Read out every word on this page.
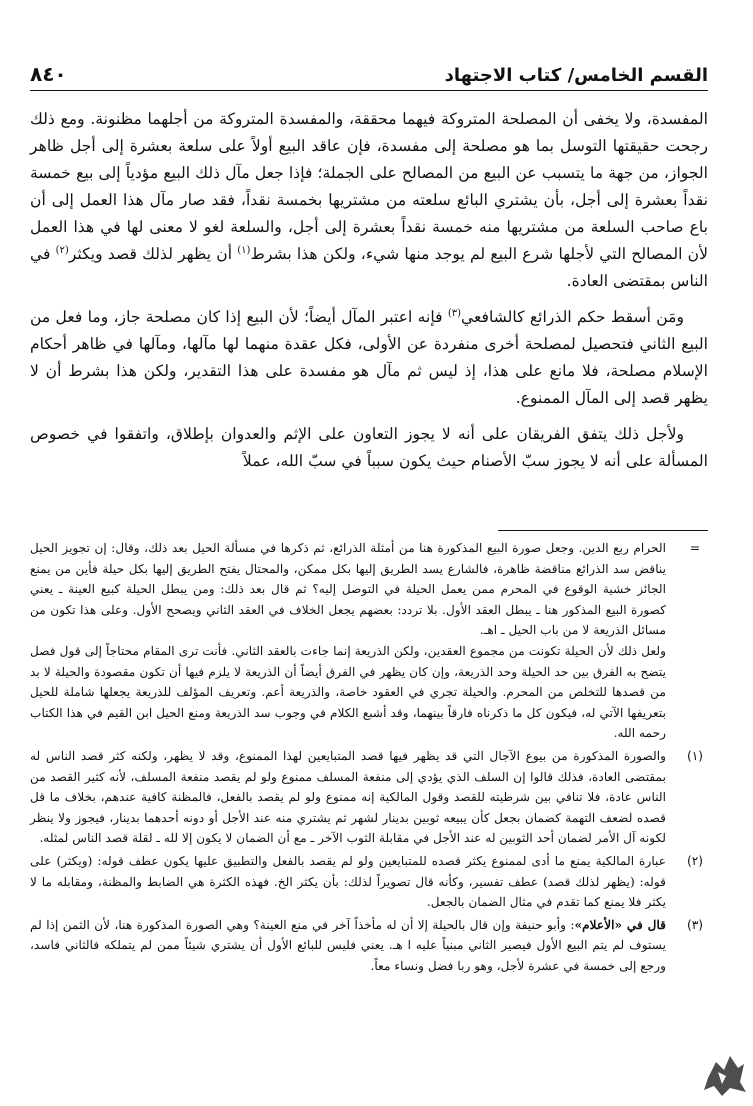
القسم الخامس/ كتاب الاجتهاد
٨٤٠

المفسدة، ولا يخفى أن المصلحة المتروكة فيهما محققة، والمفسدة المتروكة من أجلهما مظنونة. ومع ذلك رجحت حقيقتها التوسل بما هو مصلحة إلى مفسدة، فإن عاقد البيع أولاً على سلعة بعشرة إلى أجل ظاهر الجواز، من جهة ما يتسبب عن البيع من المصالح على الجملة؛ فإذا جعل مآل ذلك البيع مؤدياً إلى بيع خمسة نقداً بعشرة إلى أجل، بأن يشتري البائع سلعته من مشتريها بخمسة نقداً، فقد صار مآل هذا العمل إلى أن باع صاحب السلعة من مشتريها منه خمسة نقداً بعشرة إلى أجل، والسلعة لغو لا معنى لها في هذا العمل لأن المصالح التي لأجلها شرع البيع لم يوجد منها شيء، ولكن هذا بشرط$^{(١)}$ أن يظهر لذلك قصد ويكثر$^{(٢)}$ في الناس بمقتضى العادة.

ومَن أسقط حكم الذرائع كالشافعي$^{(٣)}$ فإنه اعتبر المآل أيضاً؛ لأن البيع إذا كان مصلحة جاز، وما فعل من البيع الثاني فتحصيل لمصلحة أخرى منفردة عن الأولى، فكل عقدة منهما لها مآلها، ومآلها في ظاهر أحكام الإسلام مصلحة، فلا مانع على هذا، إذ ليس ثم مآل هو مفسدة على هذا التقدير، ولكن هذا بشرط أن لا يظهر قصد إلى المآل الممنوع.

ولأجل ذلك يتفق الفريقان على أنه لا يجوز التعاون على الإثم والعدوان بإطلاق، واتفقوا في خصوص المسألة على أنه لا يجوز سبّ الأصنام حيث يكون سبباً في سبّ الله، عملاً

=
الحرام ربع الدين. وجعل صورة البيع المذكورة هنا من أمثلة الذرائع، ثم ذكرها في مسألة الحيل بعد ذلك، وقال: إن تجويز الحيل يناقض سد الذرائع مناقضة ظاهرة، فالشارع يسد الطريق إليها بكل ممكن، والمحتال يفتح الطريق إليها بكل حيلة فأين من يمنع الجائز خشية الوقوع في المحرم ممن يعمل الحيلة في التوصل إليه؟ ثم قال بعد ذلك: ومن يبطل الحيلة كبيع العينة ـ يعني كصورة البيع المذكور هنا ـ يبطل العقد الأول. بلا تردد: بعضهم يجعل الخلاف في العقد الثاني ويصحح الأول. وعلى هذا تكون من مسائل الذريعة لا من باب الحيل ـ اهـ.
ولعل ذلك لأن الحيلة تكونت من مجموع العقدين، ولكن الذريعة إنما جاءت بالعقد الثاني. فأنت ترى المقام محتاجاً إلى قول فصل يتضح به الفرق بين حد الحيلة وحد الذريعة، وإن كان يظهر في الفرق أيضاً أن الذريعة لا يلزم فيها أن تكون مقصودة والحيلة لا بد من قصدها للتخلص من المحرم. والحيلة تجري في العقود خاصة، والذريعة أعم. وتعريف المؤلف للذريعة يجعلها شاملة للحيل بتعريفها الآتي له، فيكون كل ما ذكرناه فارقاً بينهما، وقد أشبع الكلام في وجوب سد الذريعة ومنع الحيل ابن القيم في هذا الكتاب رحمه الله.
(١)
والصورة المذكورة من بيوع الآجال التي قد يظهر فيها قصد المتبايعين لهذا الممنوع، وقد لا يظهر، ولكنه كثر قصد الناس له بمقتضى العادة، فذلك قالوا إن السلف الذي يؤدي إلى منفعة المسلف ممنوع ولو لم يقصد منفعة المسلف، لأنه كثير القصد من الناس عادة، فلا تنافي بين شرطيته للقصد وقول المالكية إنه ممنوع ولو لم يقصد بالفعل، فالمظنة كافية عندهم، بخلاف ما قل قصده لضعف التهمة كضمان بجعل كأن يبيعه ثوبين بدينار لشهر ثم يشتري منه عند الأجل أو دونه أحدهما بدينار، فيجوز ولا ينظر لكونه آل الأمر لضمان أحد الثوبين له عند الأجل في مقابلة الثوب الآخر ـ مع أن الضمان لا يكون إلا لله ـ لقلة قصد الناس لمثله.
(٢)
عبارة المالكية يمنع ما أدى لممنوع يكثر قصده للمتبايعين ولو لم يقصد بالفعل والتطبيق عليها يكون عطف قوله: (ويكثر) على قوله: (يظهر لذلك قصد) عطف تفسير، وكأنه قال تصويراً لذلك: بأن يكثر الخ. فهذه الكثرة هي الضابط والمظنة، ومقابله ما لا يكثر فلا يمنع كما تقدم في مثال الضمان بالجعل.
(٣)
قال في «الأعلام»: وأبو حنيفة وإن قال بالحيلة إلا أن له مأخذاً آخر في منع العينة؟ وهي الصورة المذكورة هنا، لأن الثمن إذا لم يستوف لم يتم البيع الأول فيصير الثاني مبنياً عليه ا هـ. يعني فليس للبائع الأول أن يشتري شيئاً ممن لم يتملكه فالثاني فاسد، ورجع إلى خمسة في عشرة لأجل، وهو ربا فضل ونساء معاً.
